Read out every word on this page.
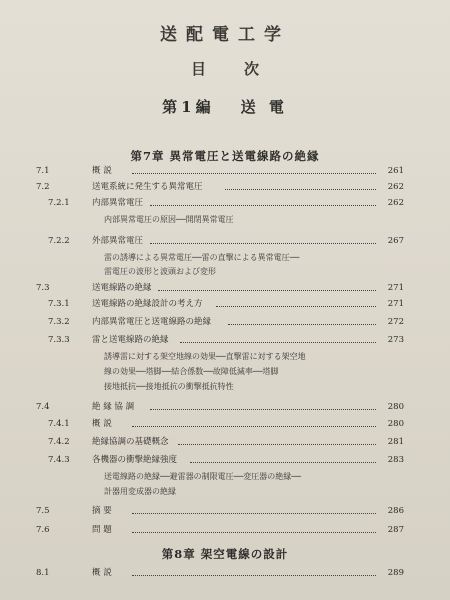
送配電工学
目次
第1編 送 電
第7章 異常電圧と送電線路の絶縁
7.1	概 説	261
7.2	送電系統に発生する異常電圧	262
7.2.1	内部異常電圧	262
内部異常電圧の原因──開閉異常電圧
7.2.2	外部異常電圧	267
雷の誘導による異常電圧──雷の直撃による異常電圧──
雷電圧の波形と波頭および変形
7.3	送電線路の絶縁	271
7.3.1	送電線路の絶縁設計の考え方	271
7.3.2	内部異常電圧と送電線路の絶縁	272
7.3.3	雷と送電線路の絶縁	273
誘導雷に対する架空地線の効果──直撃雷に対する架空地
線の効果──塔脚──結合係数──故障低減率──塔脚
接地抵抗──接地抵抗の衝撃抵抗特性
7.4	絶 縁 協 調	280
7.4.1	概 説	280
7.4.2	絶縁協調の基礎概念	281
7.4.3	各機器の衝撃絶縁強度	283
送電線路の絶縁──避雷器の制限電圧──変圧器の絶縁──
計器用変成器の絶縁
7.5	摘 要	286
7.6	問 題	287
第8章 架空電線の設計
8.1	概 説	289
